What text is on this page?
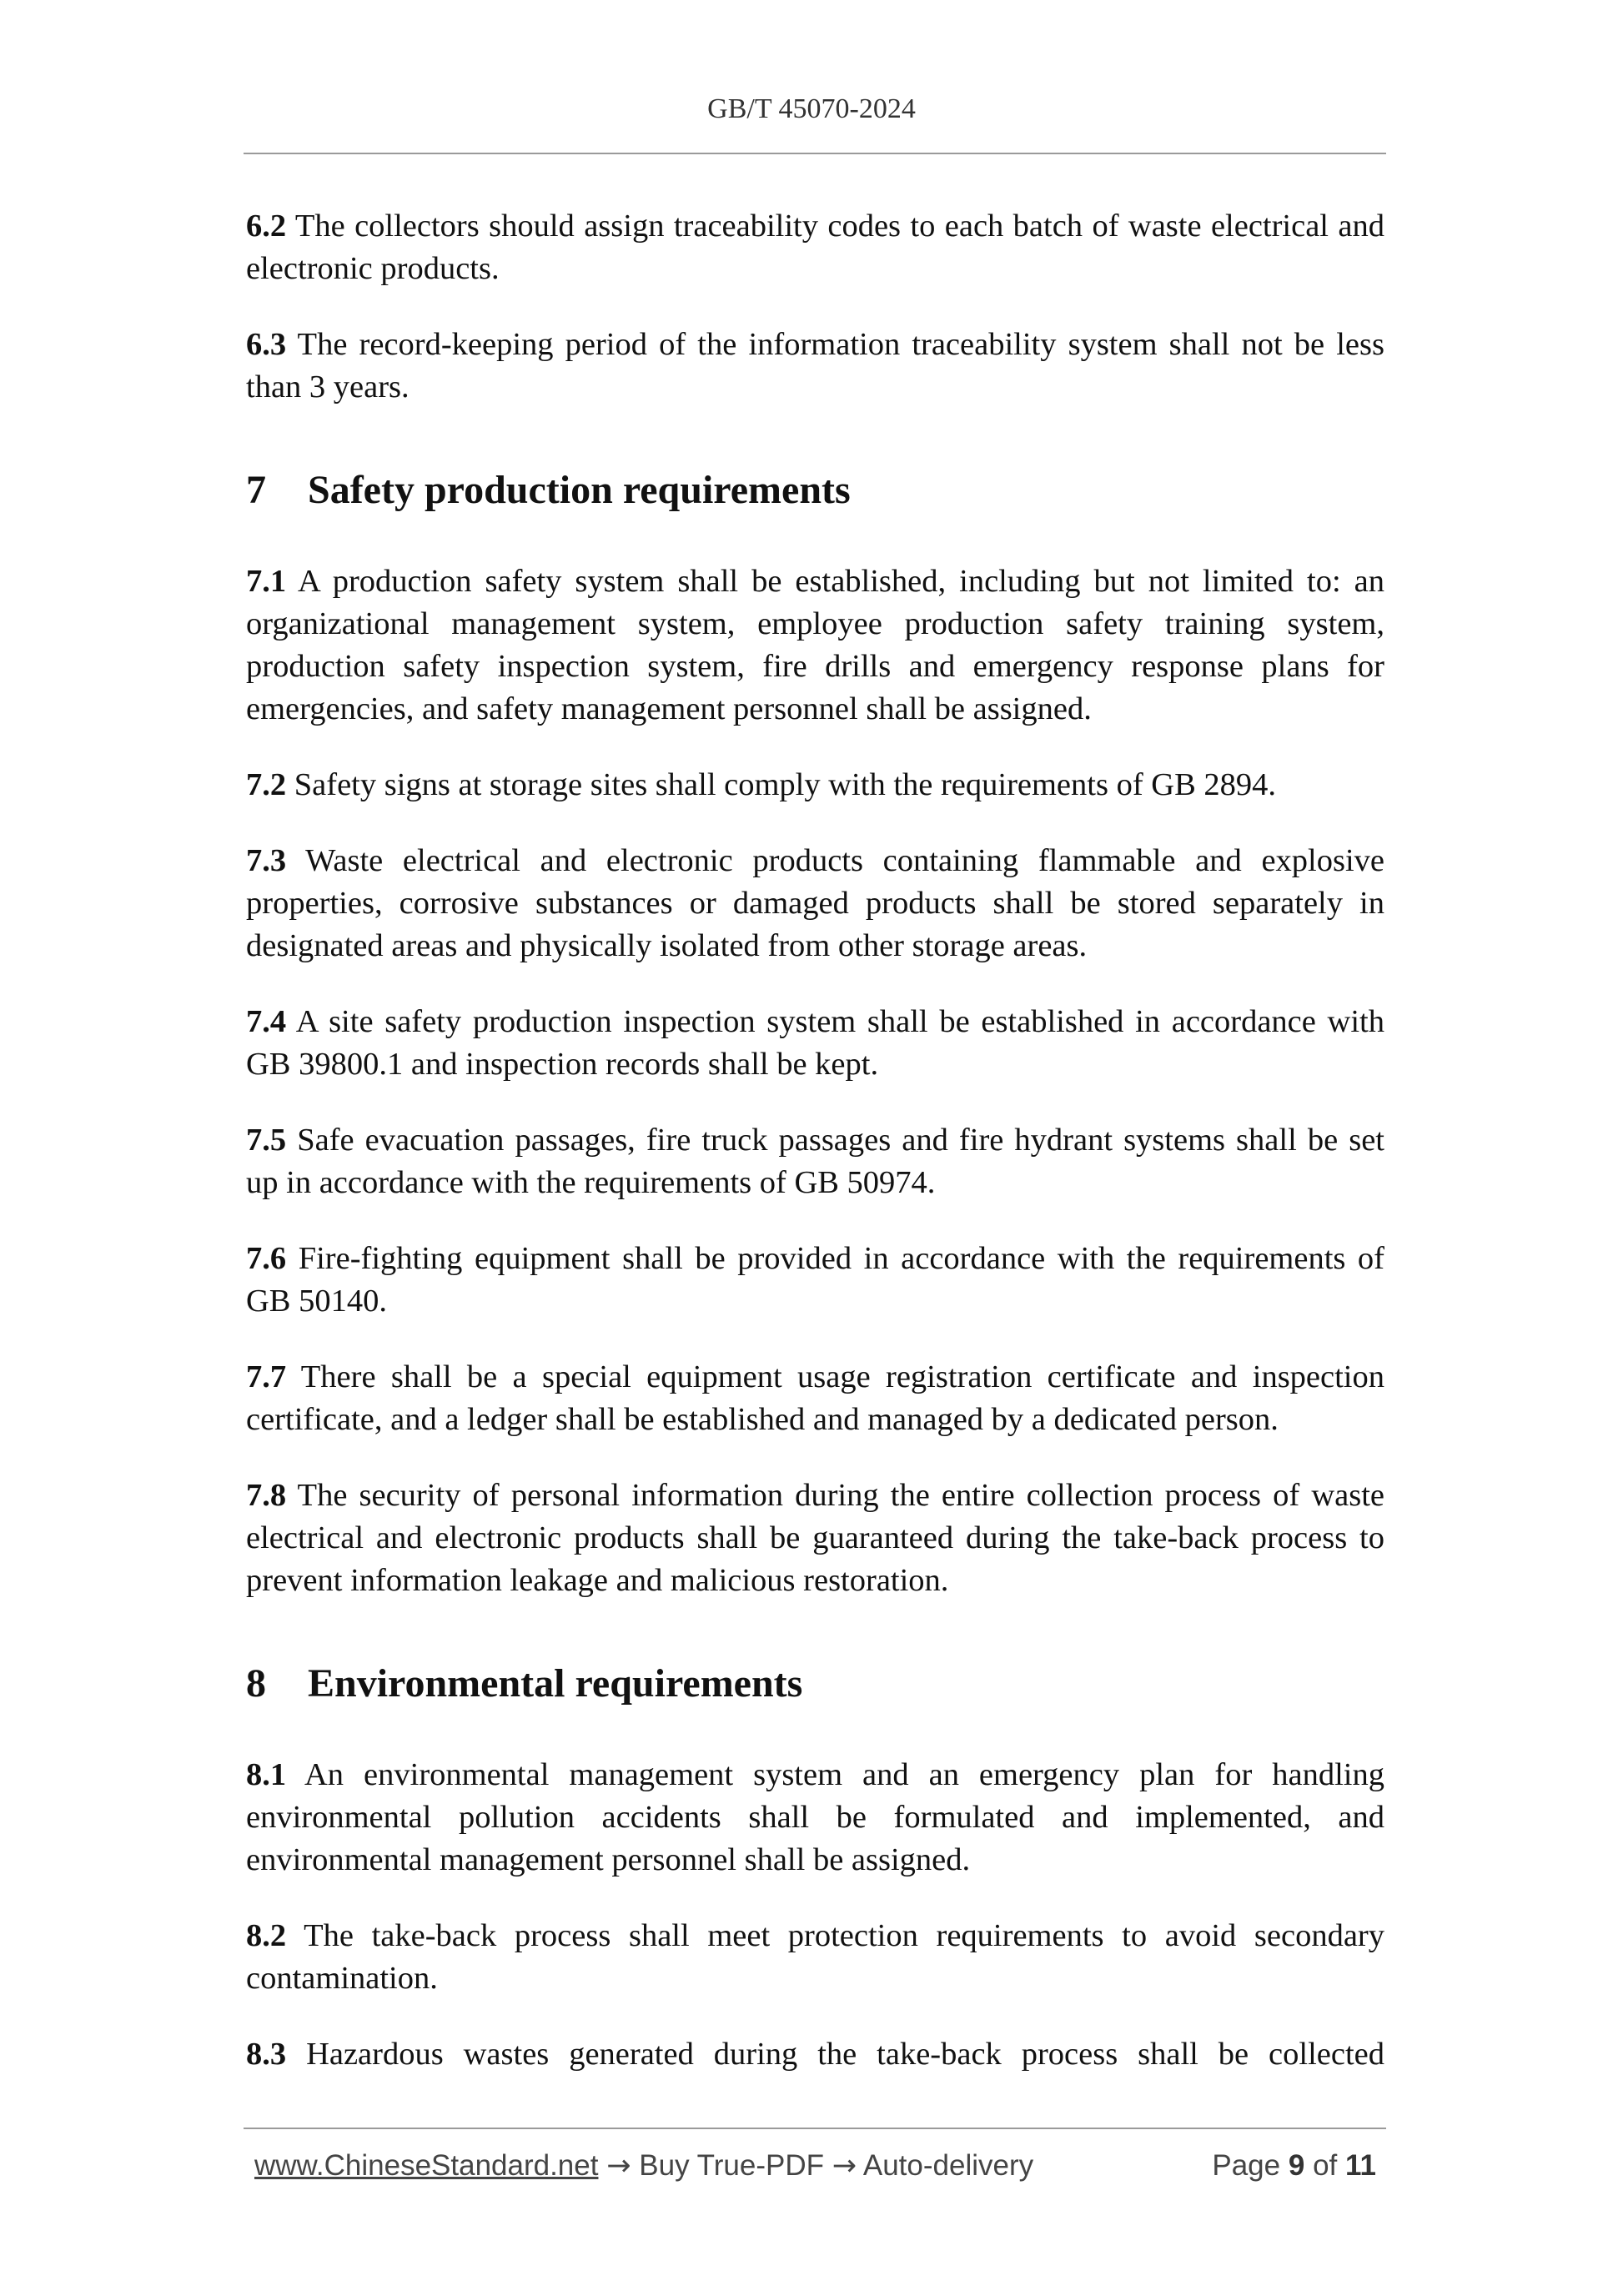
GB/T 45070-2024

6.2 The collectors should assign traceability codes to each batch of waste electrical and electronic products.

6.3 The record-keeping period of the information traceability system shall not be less than 3 years.

7 Safety production requirements

7.1 A production safety system shall be established, including but not limited to: an organizational management system, employee production safety training system, production safety inspection system, fire drills and emergency response plans for emergencies, and safety management personnel shall be assigned.

7.2 Safety signs at storage sites shall comply with the requirements of GB 2894.

7.3 Waste electrical and electronic products containing flammable and explosive properties, corrosive substances or damaged products shall be stored separately in designated areas and physically isolated from other storage areas.

7.4 A site safety production inspection system shall be established in accordance with GB 39800.1 and inspection records shall be kept.

7.5 Safe evacuation passages, fire truck passages and fire hydrant systems shall be set up in accordance with the requirements of GB 50974.

7.6 Fire-fighting equipment shall be provided in accordance with the requirements of GB 50140.

7.7 There shall be a special equipment usage registration certificate and inspection certificate, and a ledger shall be established and managed by a dedicated person.

7.8 The security of personal information during the entire collection process of waste electrical and electronic products shall be guaranteed during the take-back process to prevent information leakage and malicious restoration.

8 Environmental requirements

8.1 An environmental management system and an emergency plan for handling environmental pollution accidents shall be formulated and implemented, and environmental management personnel shall be assigned.

8.2 The take-back process shall meet protection requirements to avoid secondary contamination.

8.3 Hazardous wastes generated during the take-back process shall be collected

www.ChineseStandard.net → Buy True-PDF → Auto-delivery	Page 9 of 11
